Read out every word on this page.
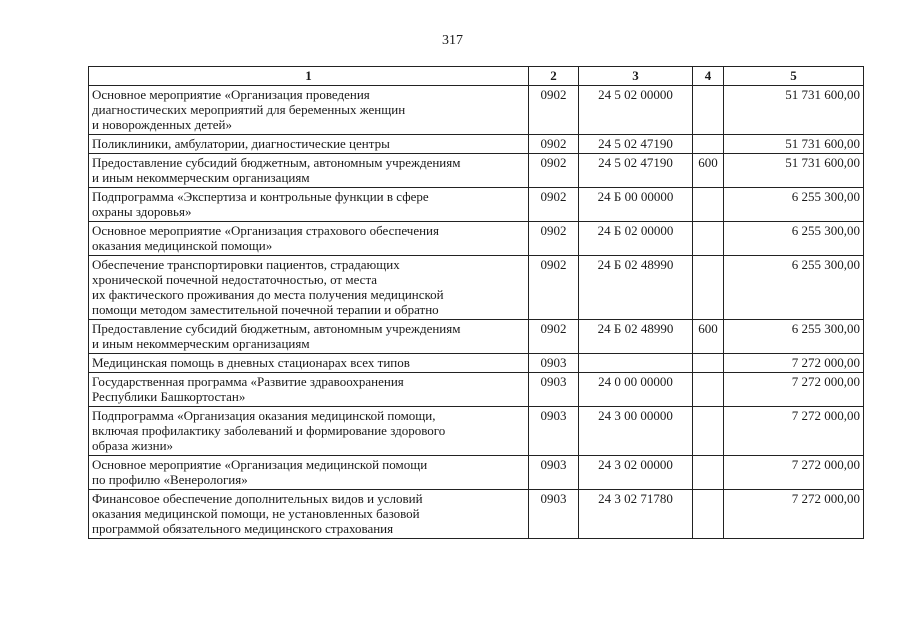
317
1	2	3	4	5
Основное мероприятие «Организация проведения
диагностических мероприятий для беременных женщин
и новорожденных детей»	0902	24 5 02 00000		51 731 600,00
Поликлиники, амбулатории, диагностические центры	0902	24 5 02 47190		51 731 600,00
Предоставление субсидий бюджетным, автономным учреждениям
и иным некоммерческим организациям	0902	24 5 02 47190	600	51 731 600,00
Подпрограмма «Экспертиза и контрольные функции в сфере
охраны здоровья»	0902	24 Б 00 00000		6 255 300,00
Основное мероприятие «Организация страхового обеспечения
оказания медицинской помощи»	0902	24 Б 02 00000		6 255 300,00
Обеспечение транспортировки пациентов, страдающих
хронической почечной недостаточностью, от места
их фактического проживания до места получения медицинской
помощи методом заместительной почечной терапии и обратно	0902	24 Б 02 48990		6 255 300,00
Предоставление субсидий бюджетным, автономным учреждениям
и иным некоммерческим организациям	0902	24 Б 02 48990	600	6 255 300,00
Медицинская помощь в дневных стационарах всех типов	0903			7 272 000,00
Государственная программа «Развитие здравоохранения
Республики Башкортостан»	0903	24 0 00 00000		7 272 000,00
Подпрограмма «Организация оказания медицинской помощи,
включая профилактику заболеваний и формирование здорового
образа жизни»	0903	24 3 00 00000		7 272 000,00
Основное мероприятие «Организация медицинской помощи
по профилю «Венерология»	0903	24 3 02 00000		7 272 000,00
Финансовое обеспечение дополнительных видов и условий
оказания медицинской помощи, не установленных базовой
программой обязательного медицинского страхования	0903	24 3 02 71780		7 272 000,00
